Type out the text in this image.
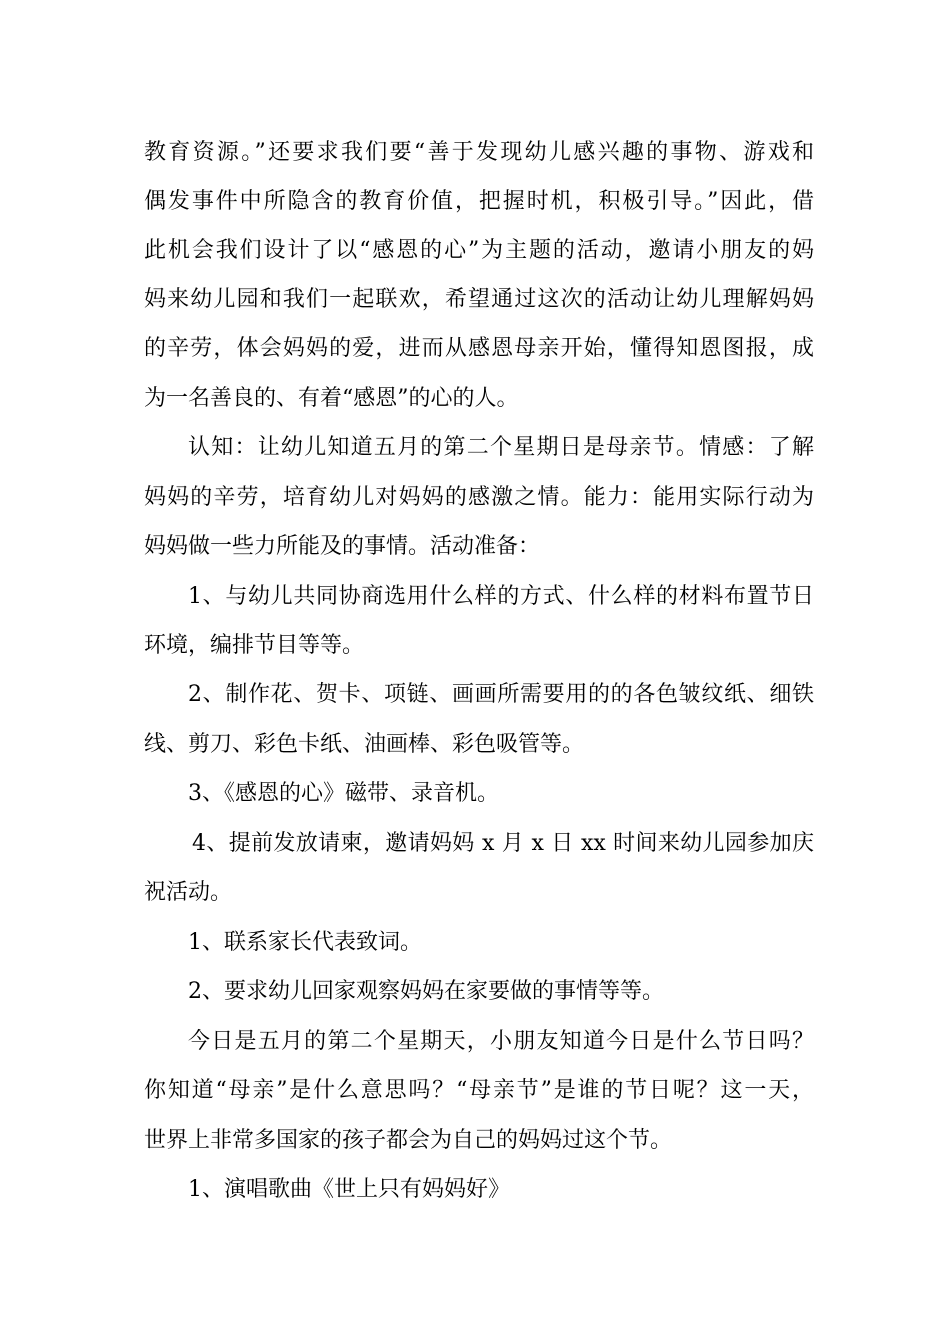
教育资源。”还要求我们要“善于发现幼儿感兴趣的事物、游戏和
偶发事件中所隐含的教育价值，把握时机，积极引导。”因此，借
此机会我们设计了以“感恩的心”为主题的活动，邀请小朋友的妈
妈来幼儿园和我们一起联欢，希望通过这次的活动让幼儿理解妈妈
的辛劳，体会妈妈的爱，进而从感恩母亲开始，懂得知恩图报，成
为一名善良的、有着“感恩”的心的人。
认知：让幼儿知道五月的第二个星期日是母亲节。情感：了解
妈妈的辛劳，培育幼儿对妈妈的感激之情。能力：能用实际行动为
妈妈做一些力所能及的事情。活动准备：
1、与幼儿共同协商选用什么样的方式、什么样的材料布置节日
环境，编排节目等等。
2、制作花、贺卡、项链、画画所需要用的的各色皱纹纸、细铁
线、剪刀、彩色卡纸、油画棒、彩色吸管等。
3、《感恩的心》磁带、录音机。
4、提前发放请柬，邀请妈妈 x 月 x 日 xx 时间来幼儿园参加庆
祝活动。
1、联系家长代表致词。
2、要求幼儿回家观察妈妈在家要做的事情等等。
今日是五月的第二个星期天，小朋友知道今日是什么节日吗？
你知道“母亲”是什么意思吗？“母亲节”是谁的节日呢？这一天，
世界上非常多国家的孩子都会为自己的妈妈过这个节。
1、演唱歌曲《世上只有妈妈好》
